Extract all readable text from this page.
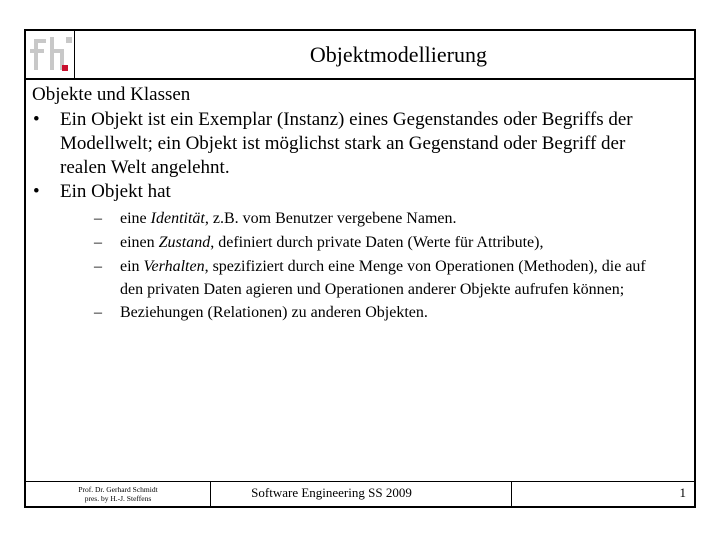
Objektmodellierung
Objekte und Klassen
• Ein Objekt ist ein Exemplar (Instanz) eines Gegenstandes oder Begriffs der
Modellwelt; ein Objekt ist möglichst stark an Gegenstand oder Begriff der
realen Welt angelehnt.
• Ein Objekt hat
– eine Identität, z.B. vom Benutzer vergebene Namen.
– einen Zustand, definiert durch private Daten (Werte für Attribute),
– ein Verhalten, spezifiziert durch eine Menge von Operationen (Methoden), die auf
den privaten Daten agieren und Operationen anderer Objekte aufrufen können;
– Beziehungen (Relationen) zu anderen Objekten.
Prof. Dr. Gerhard Schmidt
pres. by H.-J. Steffens	Software Engineering SS 2009	1
